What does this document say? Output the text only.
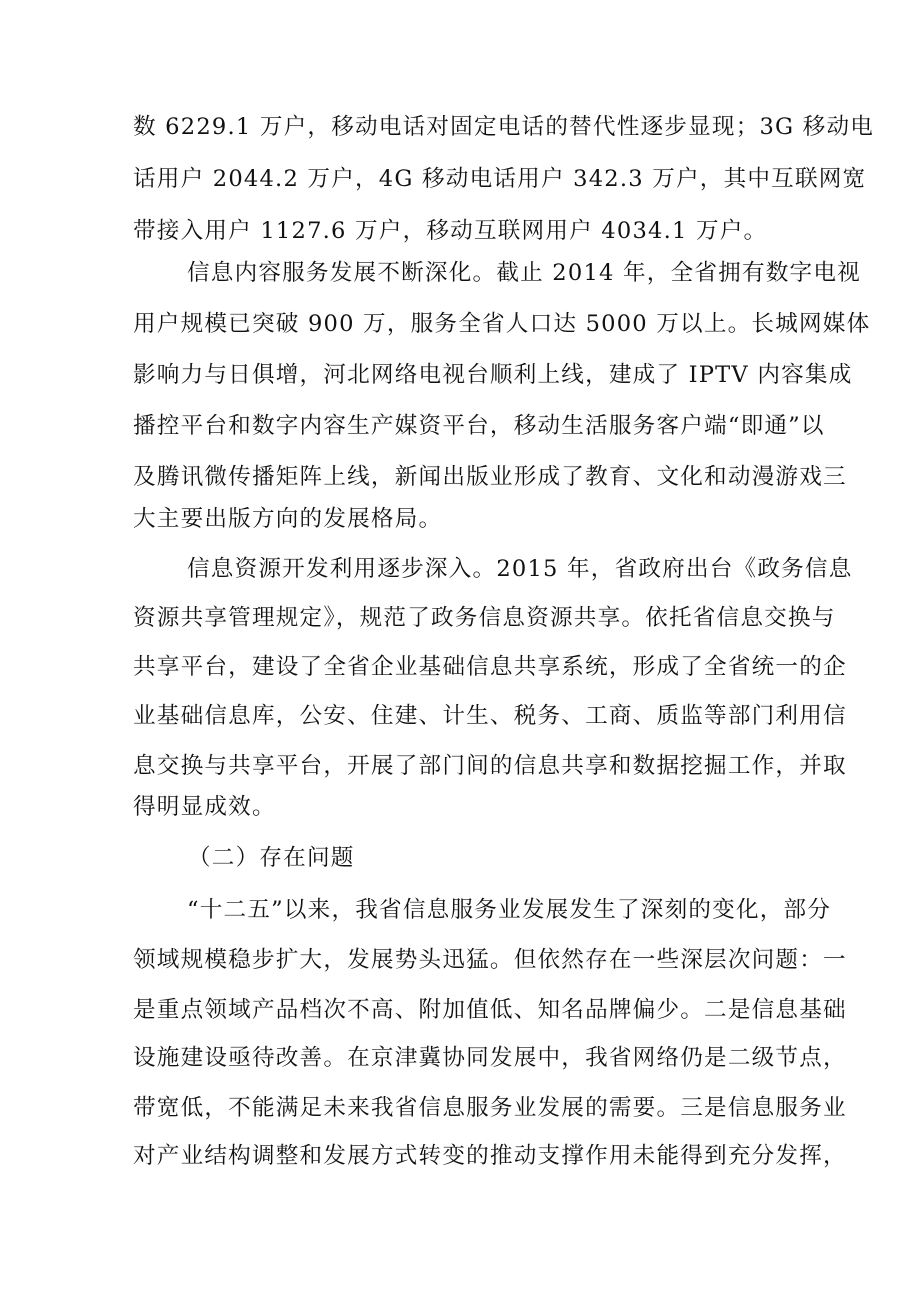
数 6229.1 万户，移动电话对固定电话的替代性逐步显现；3G 移动电
话用户 2044.2 万户，4G 移动电话用户 342.3 万户，其中互联网宽
带接入用户 1127.6 万户，移动互联网用户 4034.1 万户。
信息内容服务发展不断深化。截止 2014 年，全省拥有数字电视
用户规模已突破 900 万，服务全省人口达 5000 万以上。长城网媒体
影响力与日俱增，河北网络电视台顺利上线，建成了 IPTV 内容集成
播控平台和数字内容生产媒资平台，移动生活服务客户端“即通”以
及腾讯微传播矩阵上线，新闻出版业形成了教育、文化和动漫游戏三
大主要出版方向的发展格局。
信息资源开发利用逐步深入。2015 年，省政府出台《政务信息
资源共享管理规定》，规范了政务信息资源共享。依托省信息交换与
共享平台，建设了全省企业基础信息共享系统，形成了全省统一的企
业基础信息库，公安、住建、计生、税务、工商、质监等部门利用信
息交换与共享平台，开展了部门间的信息共享和数据挖掘工作，并取
得明显成效。
（二）存在问题
“十二五”以来，我省信息服务业发展发生了深刻的变化，部分
领域规模稳步扩大，发展势头迅猛。但依然存在一些深层次问题：一
是重点领域产品档次不高、附加值低、知名品牌偏少。二是信息基础
设施建设亟待改善。在京津冀协同发展中，我省网络仍是二级节点，
带宽低，不能满足未来我省信息服务业发展的需要。三是信息服务业
对产业结构调整和发展方式转变的推动支撑作用未能得到充分发挥，
